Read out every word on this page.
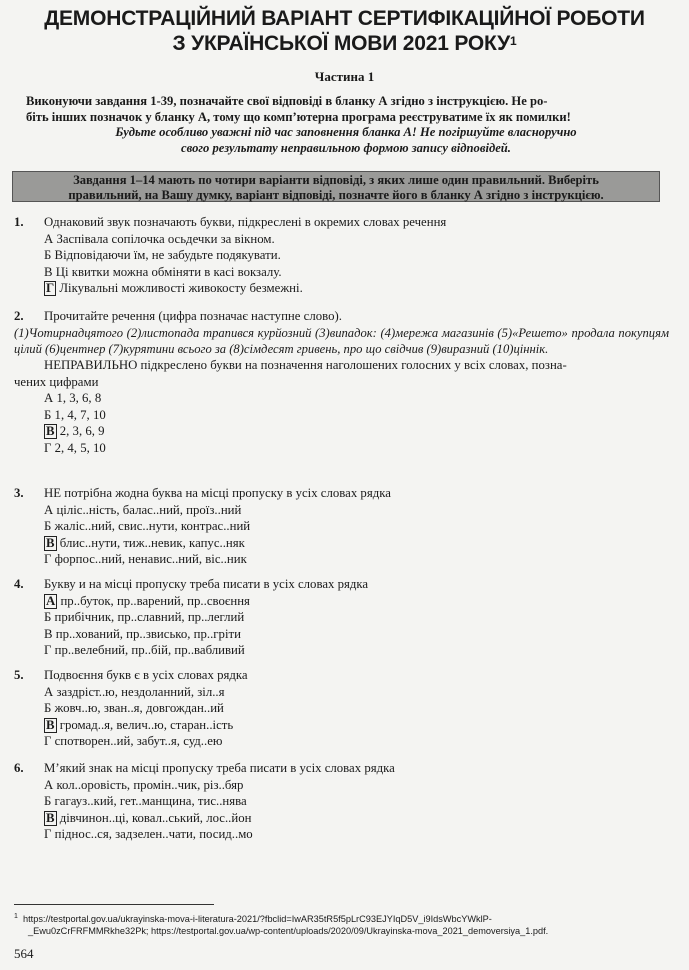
ДЕМОНСТРАЦІЙНИЙ ВАРІАНТ СЕРТИФІКАЦІЙНОЇ РОБОТИ
З УКРАЇНСЬКОЇ МОВИ 2021 РОКУ$^1$
Частина 1
Виконуючи завдання 1-39, позначайте свої відповіді в бланку А згідно з інструкцією. Не ро-
біть інших позначок у бланку А, тому що комп’ютерна програма реєструватиме їх як помилки!
Будьте особливо уважні під час заповнення бланка А! Не погіршуйте власноручно
свого результату неправильною формою запису відповідей.
Завдання 1–14 мають по чотири варіанти відповіді, з яких лише один правильний. Виберіть
правильний, на Вашу думку, варіант відповіді, позначте його в бланку А згідно з інструкцією.
1. Однаковий звук позначають букви, підкреслені в окремих словах речення
А Заспівала сопілочка осьдечки за вікном.
Б Відповідаючи їм, не забудьте подякувати.
В Ці квитки можна обміняти в касі вокзалу.
Г Лікувальні можливості живокосту безмежні.
2. Прочитайте речення (цифра позначає наступне слово).
(1)Чотирнадцятого (2)листопада трапився курйозний (3)випадок: (4)мережа магазинів (5)«Решето» продала покупцям цілий (6)центнер (7)курятини всього за (8)сімдесят гривень, про що свідчив (9)виразний (10)ціннік.
НЕПРАВИЛЬНО підкреслено букви на позначення наголошених голосних у всіх словах, позна-
чених цифрами
А 1, 3, 6, 8
Б 1, 4, 7, 10
В 2, 3, 6, 9
Г 2, 4, 5, 10
3. НЕ потрібна жодна буква на місці пропуску в усіх словах рядка
А ціліс..ність, балас..ний, проїз..ний
Б жаліс..ний, свис..нути, контрас..ний
В блис..нути, тиж..невик, капус..няк
Г форпос..ний, ненавис..ний, віс..ник
4. Букву и на місці пропуску треба писати в усіх словах рядка
А пр..буток, пр..варений, пр..своєння
Б прибічник, пр..славний, пр..леглий
В пр..хований, пр..звисько, пр..гріти
Г пр..велебний, пр..бій, пр..вабливий
5. Подвоєння букв є в усіх словах рядка
А заздріст..ю, нездоланний, зіл..я
Б жовч..ю, зван..я, довгождан..ий
В громад..я, велич..ю, старан..ість
Г спотворен..ий, забут..я, суд..ею
6. М’який знак на місці пропуску треба писати в усіх словах рядка
А кол..оровість, промін..чик, різ..бяр
Б гагауз..кий, гет..манщина, тис..нява
В дівчинон..ці, ковал..ський, лос..йон
Г піднос..ся, задзелен..чати, посид..мо
$^1$ https://testportal.gov.ua/ukrayinska-mova-i-literatura-2021/?fbclid=IwAR35tR5f5pLrC93EJYIqD5V_i9IdsWbcYWklP-
_Ewu0zCrFRFMMRkhe32Pk; https://testportal.gov.ua/wp-content/uploads/2020/09/Ukrayinska-mova_2021_demoversiya_1.pdf.
564
